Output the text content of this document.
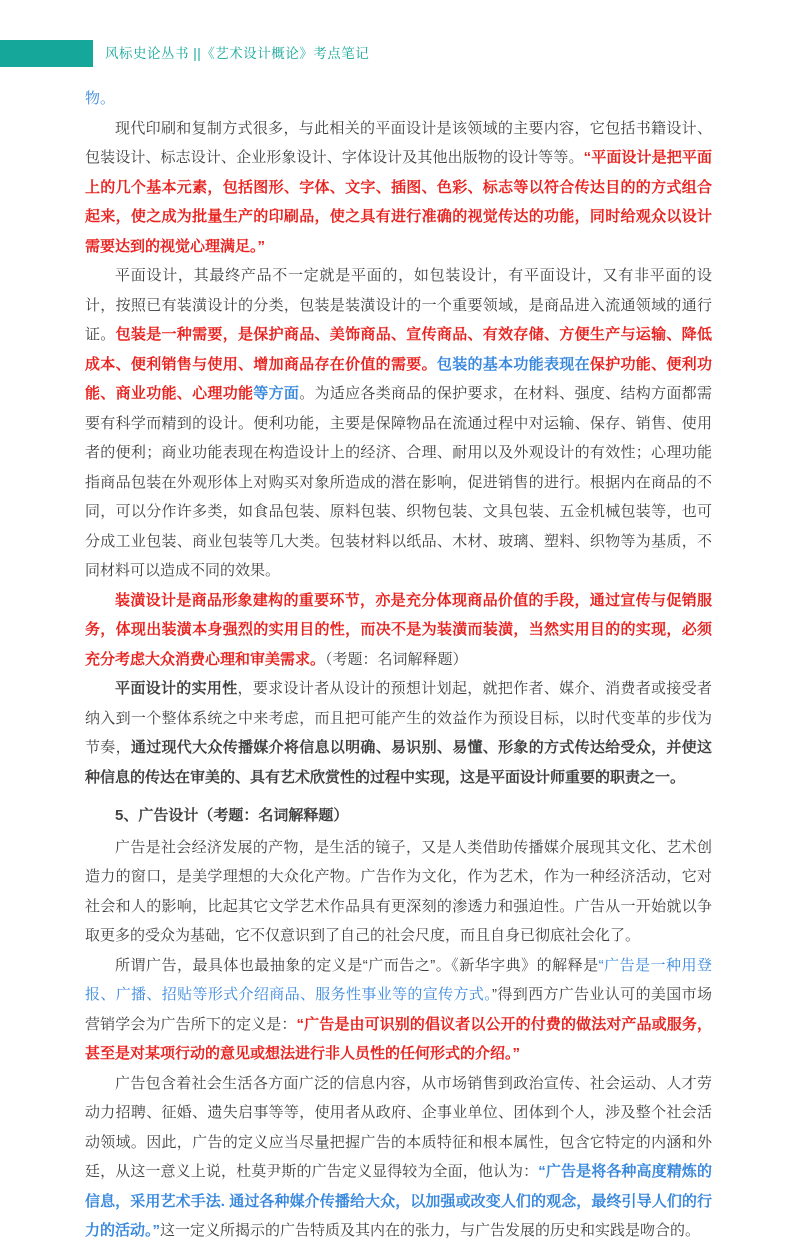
风标史论丛书 ||《艺术设计概论》考点笔记

物。

现代印刷和复制方式很多，与此相关的平面设计是该领域的主要内容，它包括书籍设计、包装设计、标志设计、企业形象设计、字体设计及其他出版物的设计等等。“平面设计是把平面上的几个基本元素，包括图形、字体、文字、插图、色彩、标志等以符合传达目的的方式组合起来，使之成为批量生产的印刷品，使之具有进行准确的视觉传达的功能，同时给观众以设计需要达到的视觉心理满足。”

平面设计，其最终产品不一定就是平面的，如包装设计，有平面设计，又有非平面的设计，按照已有装潢设计的分类，包装是装潢设计的一个重要领域，是商品进入流通领域的通行证。包装是一种需要，是保护商品、美饰商品、宣传商品、有效存储、方便生产与运输、降低成本、便利销售与使用、增加商品存在价值的需要。包装的基本功能表现在保护功能、便利功能、商业功能、心理功能等方面。为适应各类商品的保护要求，在材料、强度、结构方面都需要有科学而精到的设计。便利功能，主要是保障物品在流通过程中对运输、保存、销售、使用者的便利；商业功能表现在构造设计上的经济、合理、耐用以及外观设计的有效性；心理功能指商品包装在外观形体上对购买对象所造成的潜在影响，促进销售的进行。根据内在商品的不同，可以分作许多类，如食品包装、原料包装、织物包装、文具包装、五金机械包装等，也可分成工业包装、商业包装等几大类。包装材料以纸品、木材、玻璃、塑料、织物等为基质，不同材料可以造成不同的效果。

装潢设计是商品形象建构的重要环节，亦是充分体现商品价值的手段，通过宣传与促销服务，体现出装潢本身强烈的实用目的性，而决不是为装潢而装潢，当然实用目的的实现，必须充分考虑大众消费心理和审美需求。（考题：名词解释题）

平面设计的实用性，要求设计者从设计的预想计划起，就把作者、媒介、消费者或接受者纳入到一个整体系统之中来考虑，而且把可能产生的效益作为预设目标，以时代变革的步伐为节奏，通过现代大众传播媒介将信息以明确、易识别、易懂、形象的方式传达给受众，并使这种信息的传达在审美的、具有艺术欣赏性的过程中实现，这是平面设计师重要的职责之一。

5、广告设计（考题：名词解释题）

广告是社会经济发展的产物，是生活的镜子，又是人类借助传播媒介展现其文化、艺术创造力的窗口，是美学理想的大众化产物。广告作为文化，作为艺术，作为一种经济活动，它对社会和人的影响，比起其它文学艺术作品具有更深刻的渗透力和强迫性。广告从一开始就以争取更多的受众为基础，它不仅意识到了自己的社会尺度，而且自身已彻底社会化了。

所谓广告，最具体也最抽象的定义是“广而告之”。《新华字典》的解释是“广告是一种用登报、广播、招贴等形式介绍商品、服务性事业等的宣传方式。”得到西方广告业认可的美国市场营销学会为广告所下的定义是：“广告是由可识别的倡议者以公开的付费的做法对产品或服务，甚至是对某项行动的意见或想法进行非人员性的任何形式的介绍。”

广告包含着社会生活各方面广泛的信息内容，从市场销售到政治宣传、社会运动、人才劳动力招聘、征婚、遗失启事等等，使用者从政府、企事业单位、团体到个人，涉及整个社会活动领域。因此，广告的定义应当尽量把握广告的本质特征和根本属性，包含它特定的内涵和外廷，从这一意义上说，杜莫尹斯的广告定义显得较为全面，他认为：“广告是将各种高度精炼的信息，采用艺术手法. 通过各种媒介传播给大众，以加强或改变人们的观念，最终引导人们的行力的活动。”这一定义所揭示的广告特质及其内在的张力，与广告发展的历史和实践是吻合的。
